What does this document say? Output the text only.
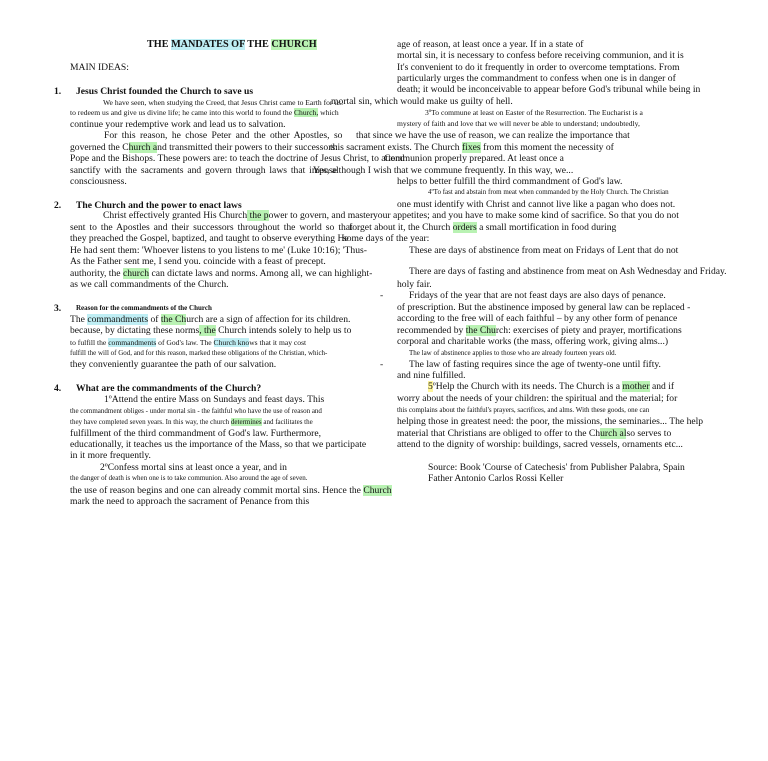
THE MANDATES OF THE CHURCH
MAIN IDEAS:
1. Jesus Christ founded the Church to save us
We have seen, when studying the Creed, that Jesus Christ came to Earth for us.
to redeem us and give us divine life; he came into this world to found the Church, which
continue your redemptive work and lead us to salvation.
For this reason, he chose Peter and the other Apostles, so
governed the Church and transmitted their powers to their successors:
Pope and the Bishops. These powers are: to teach the doctrine of Jesus Christ, to attend
sanctify with the sacraments and govern through laws that impose
consciousness.
2. The Church and the power to enact laws
Christ effectively granted His Church the power to govern, and master
sent to the Apostles and their successors throughout the world so that
they preached the Gospel, baptized, and taught to observe everything He
He had sent them: 'Whoever listens to you listens to me' (Luke 10:16); 'Thus-
As the Father sent me, I send you. coincide with a feast of precept.
authority, the church can dictate laws and norms. Among all, we can highlight-
as we call commandments of the Church.
3. Reason for the commandments of the Church
The commandments of the Church are a sign of affection for its children.
because, by dictating these norms, the Church intends solely to help us to
to fulfill the commandments of God's law. The Church knows that it may cost
fulfill the will of God, and for this reason, marked these obligations of the Christian, which-
they conveniently guarantee the path of our salvation.
4. What are the commandments of the Church?
1ºAttend the entire Mass on Sundays and feast days. This
the commandment obliges - under mortal sin - the faithful who have the use of reason and
they have completed seven years. In this way, the church determines and facilitates the
fulfillment of the third commandment of God's law. Furthermore,
educationally, it teaches us the importance of the Mass, so that we participate
in it more frequently.
2ºConfess mortal sins at least once a year, and in
the danger of death is when one is to take communion. Also around the age of seven.
the use of reason begins and one can already commit mortal sins. Hence the Church
mark the need to approach the sacrament of Penance from this
age of reason, at least once a year. If in a state of
mortal sin, it is necessary to confess before receiving communion, and it is
It's convenient to do it frequently in order to overcome temptations. From
particularly urges the commandment to confess when one is in danger of
death; it would be inconceivable to appear before God's tribunal while being in
mortal sin, which would make us guilty of hell.
3ºTo commune at least on Easter of the Resurrection. The Eucharist is a
mystery of faith and love that we will never be able to understand; undoubtedly,
that since we have the use of reason, we can realize the importance that
this sacrament exists. The Church fixes from this moment the necessity of
Communion properly prepared. At least once a
Yes, although I wish that we commune frequently. In this way, we...
helps to better fulfill the third commandment of God's law.
4ºTo fast and abstain from meat when commanded by the Holy Church. The Christian
one must identify with Christ and cannot live like a pagan who does not.
your appetites; and you have to make some kind of sacrifice. So that you do not
forget about it, the Church orders a small mortification in food during
some days of the year:
These are days of abstinence from meat on Fridays of Lent that do not
There are days of fasting and abstinence from meat on Ash Wednesday and Friday.
holy fair.
-	Fridays of the year that are not feast days are also days of penance.
of prescription. But the abstinence imposed by general law can be replaced -
according to the free will of each faithful – by any other form of penance
recommended by the Church: exercises of piety and prayer, mortifications
corporal and charitable works (the mass, offering work, giving alms...)
The law of abstinence applies to those who are already fourteen years old.
-	The law of fasting requires since the age of twenty-one until fifty.
and nine fulfilled.
5ºHelp the Church with its needs. The Church is a mother and if
worry about the needs of your children: the spiritual and the material; for
this complains about the faithful's prayers, sacrifices, and alms. With these goods, one can
helping those in greatest need: the poor, the missions, the seminaries... The help
material that Christians are obliged to offer to the Church also serves to
attend to the dignity of worship: buildings, sacred vessels, ornaments etc...
Source: Book 'Course of Catechesis' from Publisher Palabra, Spain
Father Antonio Carlos Rossi Keller
